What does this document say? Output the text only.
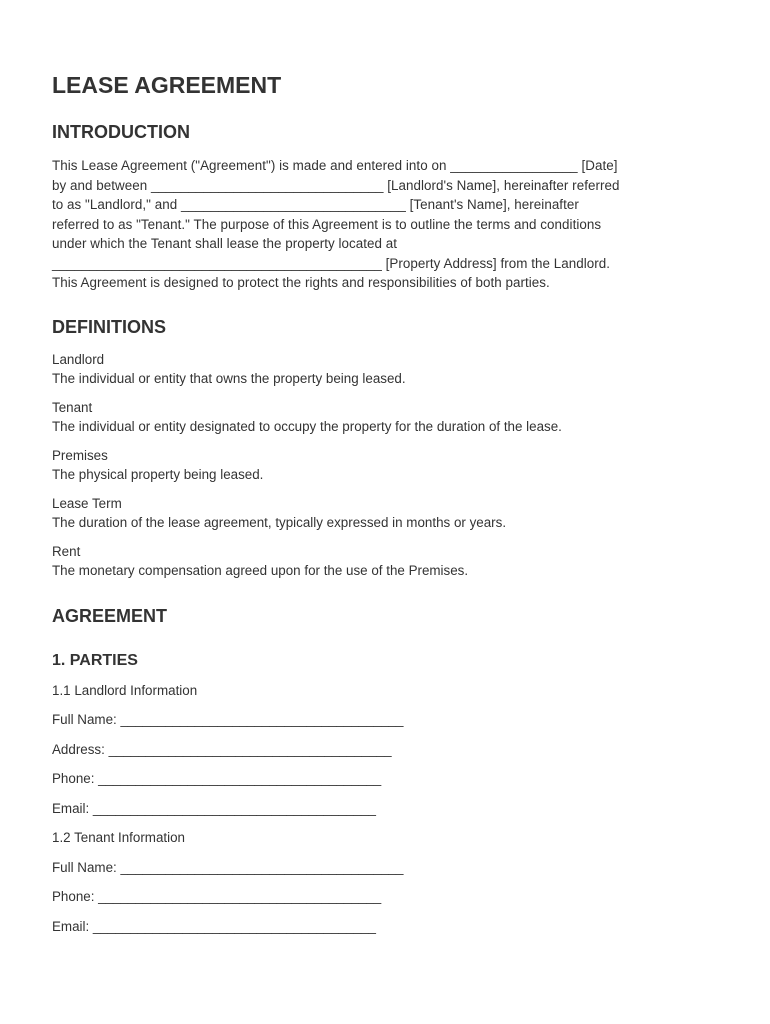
LEASE AGREEMENT
INTRODUCTION

This Lease Agreement ("Agreement") is made and entered into on _________________ [Date]
by and between _______________________________ [Landlord's Name], hereinafter referred
to as "Landlord," and ______________________________ [Tenant's Name], hereinafter
referred to as "Tenant." The purpose of this Agreement is to outline the terms and conditions
under which the Tenant shall lease the property located at
____________________________________________ [Property Address] from the Landlord.
This Agreement is designed to protect the rights and responsibilities of both parties.

DEFINITIONS
Landlord
The individual or entity that owns the property being leased.
Tenant
The individual or entity designated to occupy the property for the duration of the lease.
Premises
The physical property being leased.
Lease Term
The duration of the lease agreement, typically expressed in months or years.
Rent
The monetary compensation agreed upon for the use of the Premises.
AGREEMENT
1. PARTIES

1.1 Landlord Information

Full Name: ______________________________________

Address: ______________________________________

Phone: ______________________________________

Email: ______________________________________

1.2 Tenant Information

Full Name: ______________________________________

Phone: ______________________________________

Email: ______________________________________
